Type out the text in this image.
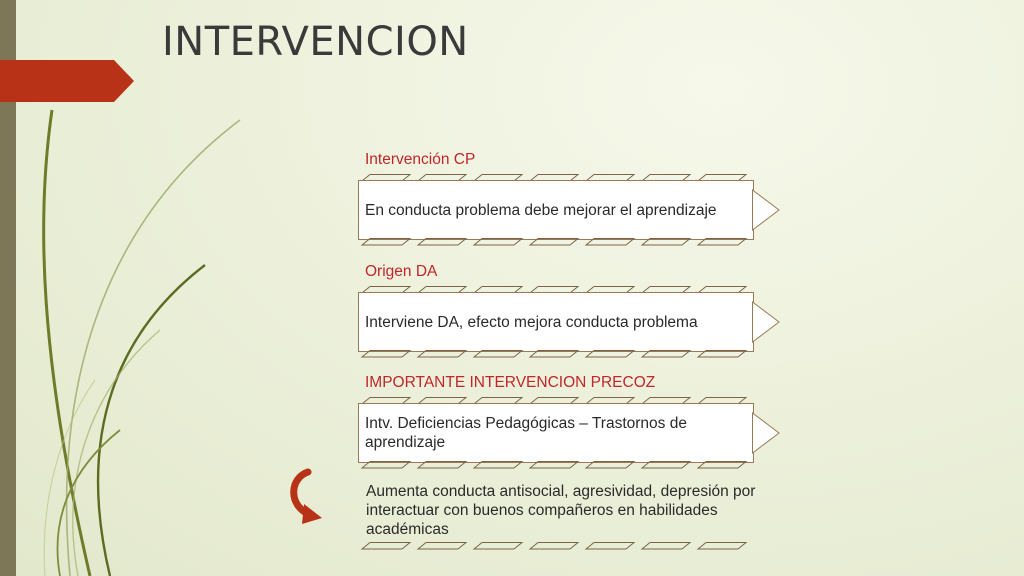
INTERVENCION
Intervención CP
En conducta problema debe mejorar el aprendizaje
Origen DA
Interviene DA, efecto mejora conducta problema
IMPORTANTE INTERVENCION PRECOZ
Intv. Deficiencias Pedagógicas – Trastornos de aprendizaje
Aumenta conducta antisocial, agresividad, depresión por interactuar con buenos compañeros en habilidades académicas
